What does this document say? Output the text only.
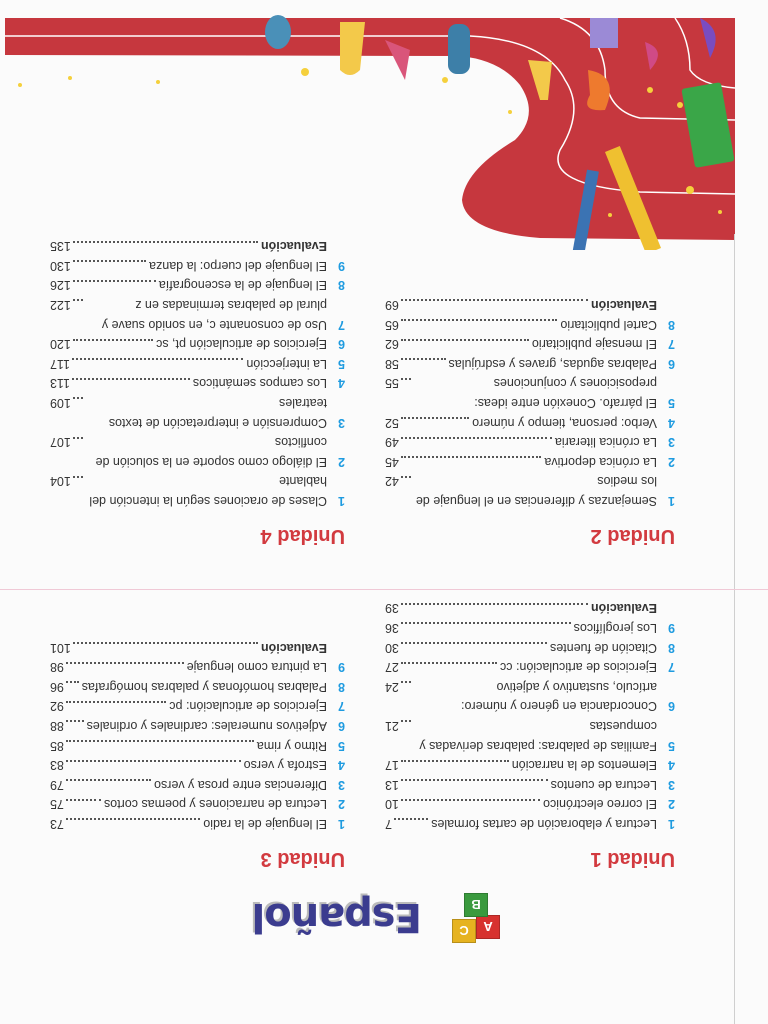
A
C
B
Español
Unidad 1
1
Lectura y elaboración de cartas formales
7
2
El correo electrónico
10
3
Lectura de cuentos
13
4
Elementos de la narración
17
5
Familias de palabras: palabras derivadas y compuestas
21
6
Concordancia en género y número: artículo, sustantivo y adjetivo
24
7
Ejercicios de articulación: cc
27
8
Citación de fuentes
30
9
Los jeroglíficos
36
Evaluación
39
Unidad 2
1
Semejanzas y diferencias en el lenguaje de los medios
42
2
La crónica deportiva
45
3
La crónica literaria
49
4
Verbo: persona, tiempo y número
52
5
El párrafo. Conexión entre ideas: preposiciones y conjunciones
55
6
Palabras agudas, graves y esdrújulas
58
7
El mensaje publicitario
62
8
Cartel publicitario
65
Evaluación
69
Unidad 3
1
El lenguaje de la radio
73
2
Lectura de narraciones y poemas cortos
75
3
Diferencias entre prosa y verso
79
4
Estrofa y verso
83
5
Ritmo y rima
85
6
Adjetivos numerales: cardinales y ordinales
88
7
Ejercicios de articulación: pc
92
8
Palabras homófonas y palabras homógrafas
96
9
La pintura como lenguaje
98
Evaluación
101
Unidad 4
1
Clases de oraciones según la intención del hablante
104
2
El diálogo como soporte en la solución de conflictos
107
3
Comprensión e interpretación de textos teatrales
109
4
Los campos semánticos
113
5
La interjección
117
6
Ejercicios de articulación pt, sc
120
7
Uso de consonante c, en sonido suave y plural de palabras terminadas en z
122
8
El lenguaje de la escenografía
126
9
El lenguaje del cuerpo: la danza
130
Evaluación
135
